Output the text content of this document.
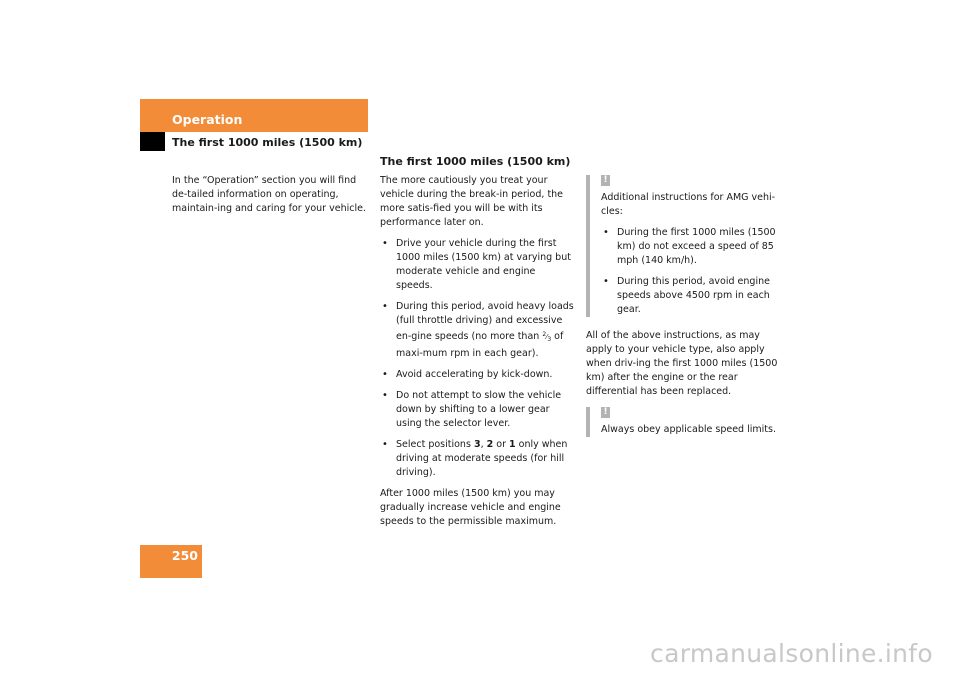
Operation
The first 1000 miles (1500 km)

In the “Operation” section you will find de-tailed information on operating, maintain-ing and caring for your vehicle.

The first 1000 miles (1500 km)

The more cautiously you treat your vehicle during the break-in period, the more satis-fied you will be with its performance later on.

• Drive your vehicle during the first 1000 miles (1500 km) at varying but moderate vehicle and engine speeds.
• During this period, avoid heavy loads (full throttle driving) and excessive en-gine speeds (no more than $^2⁄_3$ of maxi-mum rpm in each gear).
• Avoid accelerating by kick-down.
• Do not attempt to slow the vehicle down by shifting to a lower gear using the selector lever.
• Select positions 3, 2 or 1 only when driving at moderate speeds (for hill driving).

After 1000 miles (1500 km) you may gradually increase vehicle and engine speeds to the permissible maximum.

!

Additional instructions for AMG vehi-cles:

• During the first 1000 miles (1500 km) do not exceed a speed of 85 mph (140 km/h).
• During this period, avoid engine speeds above 4500 rpm in each gear.

All of the above instructions, as may apply to your vehicle type, also apply when driv-ing the first 1000 miles (1500 km) after the engine or the rear differential has been replaced.

!

Always obey applicable speed limits.

250
carmanualsonline.info
